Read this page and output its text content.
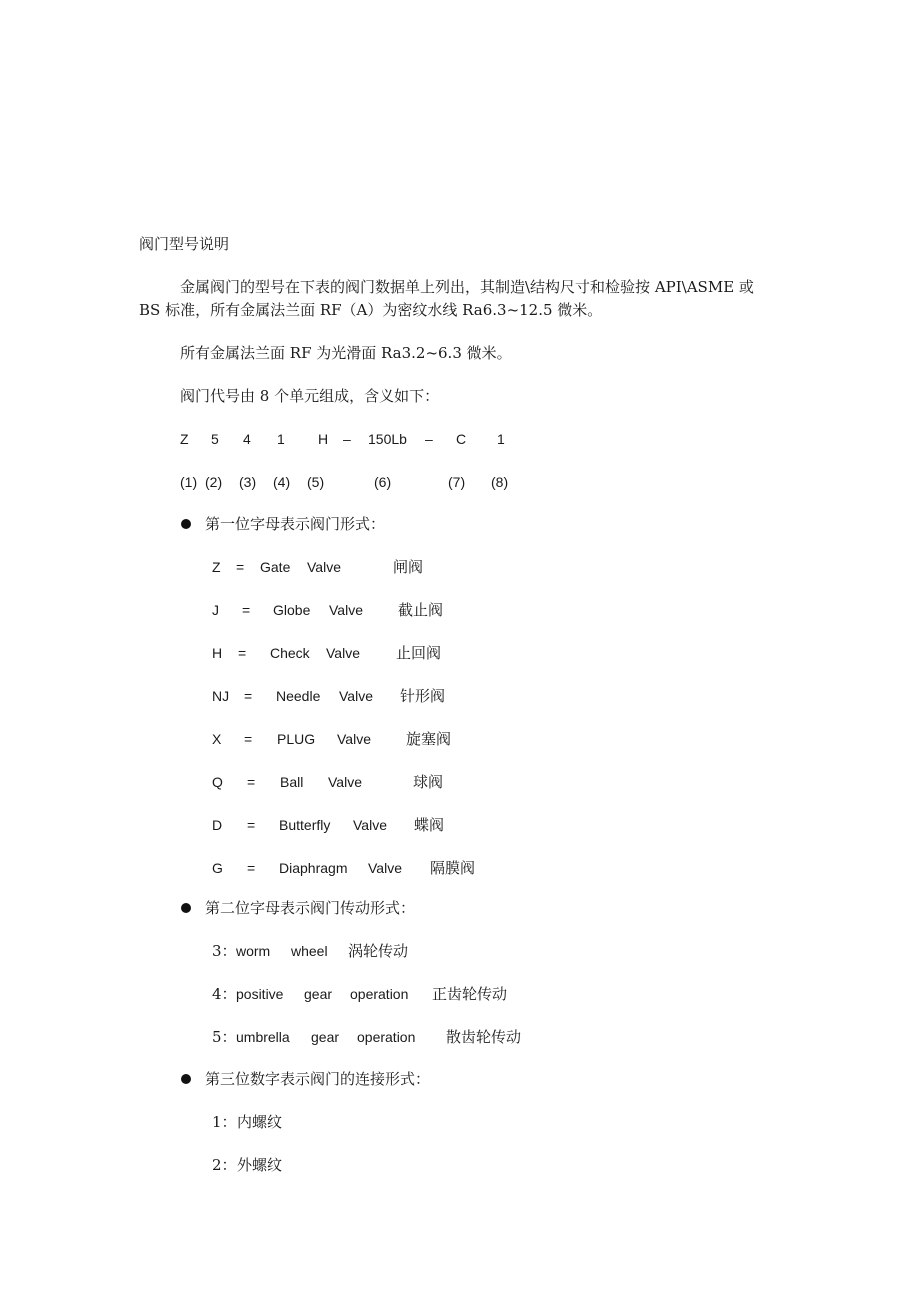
阀门型号说明
金属阀门的型号在下表的阀门数据单上列出，其制造\结构尺寸和检验按 API\ASME 或
BS 标准，所有金属法兰面 RF（A）为密纹水线 Ra6.3~12.5 微米。
所有金属法兰面 RF 为光滑面 Ra3.2~6.3 微米。
阀门代号由 8 个单元组成，含义如下：
Z 5 4 1 H – 150Lb – C 1
(1) (2) (3) (4) (5)	(6)	(7) (8)
第一位字母表示阀门形式：
Z = Gate Valve	闸阀
J = Globe Valve 截止阀
H = Check Valve 止回阀
NJ = Needle Valve 针形阀
X = PLUG Valve 旋塞阀
Q = Ball Valve	球阀
D = Butterfly Valve 蝶阀
G = Diaphragm Valve 隔膜阀
第二位字母表示阀门传动形式：
3： worm wheel 涡轮传动
4： positive gear operation 正齿轮传动
5： umbrella gear operation 散齿轮传动
第三位数字表示阀门的连接形式：
1： 内螺纹
2： 外螺纹
